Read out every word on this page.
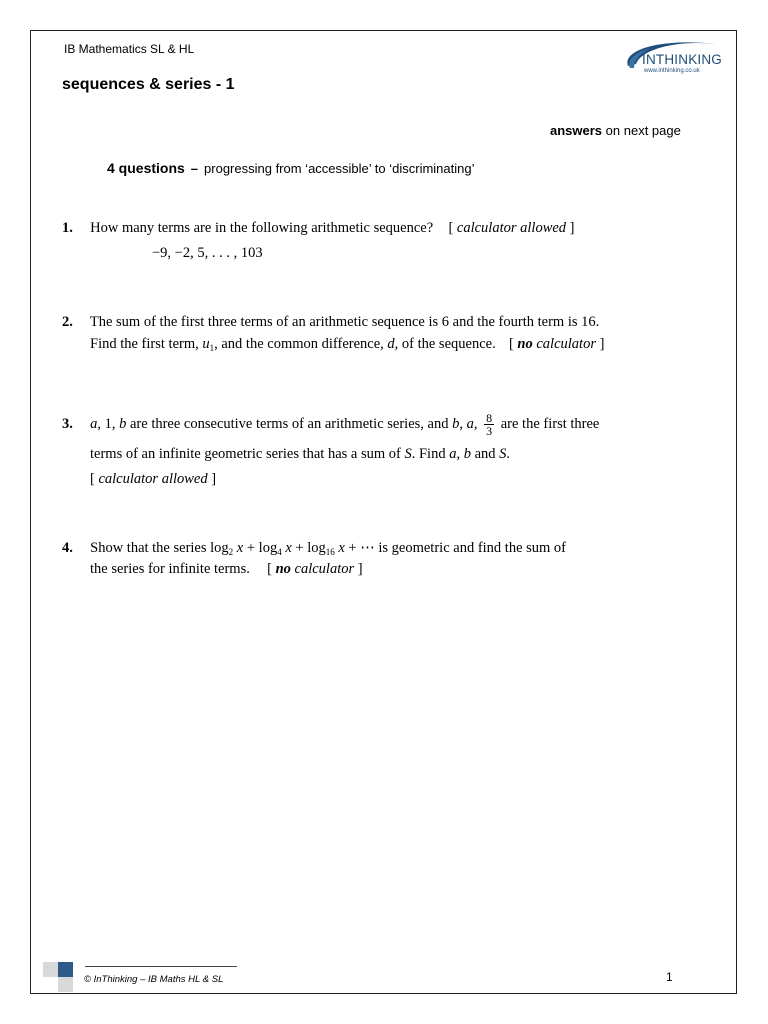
IB Mathematics SL & HL
INTHINKING
www.inthinking.co.uk
sequences & series - 1
answers on next page
4 questions – progressing from ‘accessible’ to ‘discriminating’
1. How many terms are in the following arithmetic sequence? [ calculator allowed ]
−9, −2, 5, . . . , 103
2. The sum of the first three terms of an arithmetic sequence is 6 and the fourth term is 16.
Find the first term, $u_1$, and the common difference, d, of the sequence. [ no calculator ]
3. a, 1, b are three consecutive terms of an arithmetic series, and b, a, $\frac{8}{3}$ are the first three
terms of an infinite geometric series that has a sum of S. Find a, b and S.
[ calculator allowed ]
4. Show that the series $\log_2 x + \log_4 x + \log_{16} x$ + ⋯ is geometric and find the sum of
the series for infinite terms. [ no calculator ]
© InThinking – IB Maths HL & SL	1
